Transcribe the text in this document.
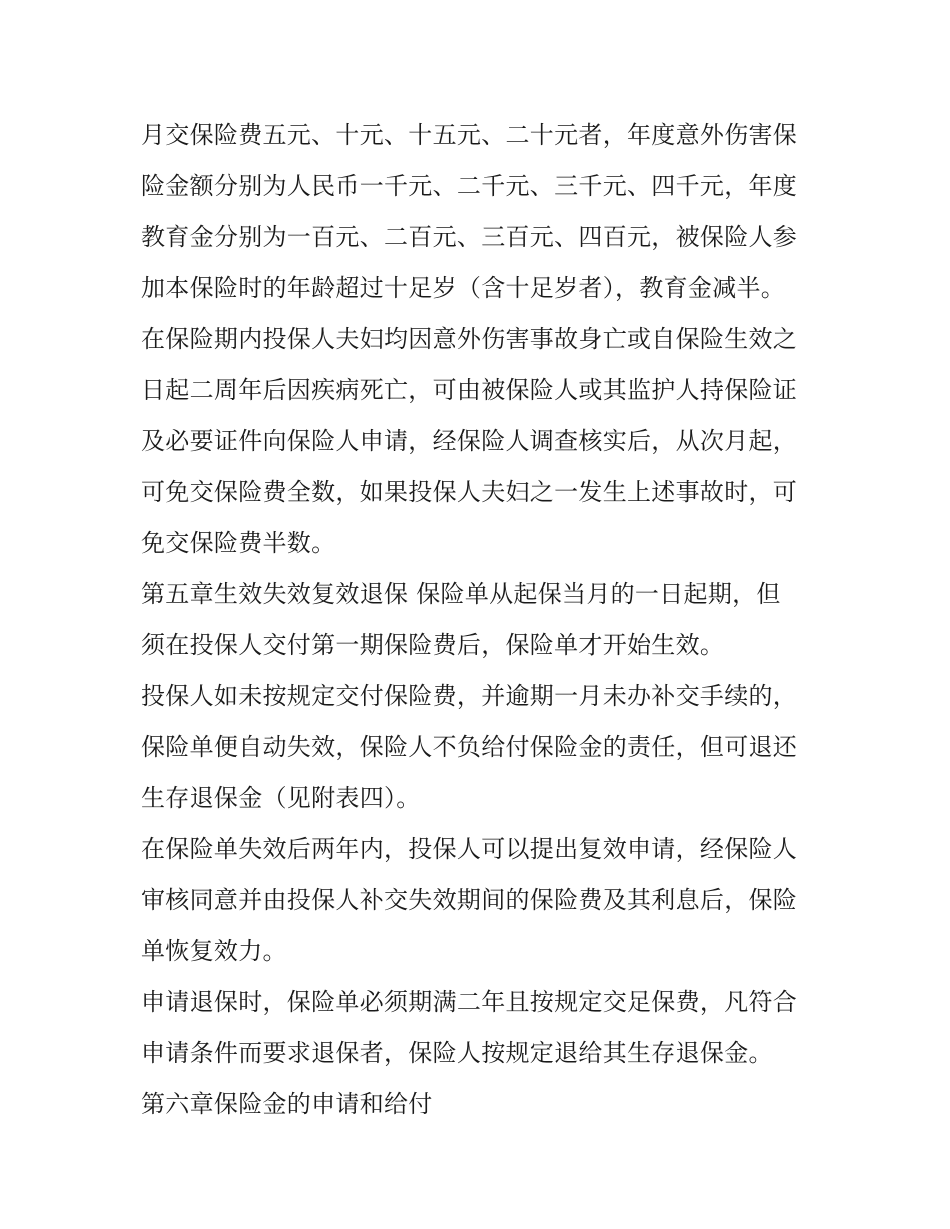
月交保险费五元、十元、十五元、二十元者，年度意外伤害保
险金额分别为人民币一千元、二千元、三千元、四千元，年度
教育金分别为一百元、二百元、三百元、四百元，被保险人参
加本保险时的年龄超过十足岁（含十足岁者），教育金减半。
在保险期内投保人夫妇均因意外伤害事故身亡或自保险生效之
日起二周年后因疾病死亡，可由被保险人或其监护人持保险证
及必要证件向保险人申请，经保险人调查核实后，从次月起，
可免交保险费全数，如果投保人夫妇之一发生上述事故时，可
免交保险费半数。
第五章生效失效复效退保 保险单从起保当月的一日起期，但
须在投保人交付第一期保险费后，保险单才开始生效。
投保人如未按规定交付保险费，并逾期一月未办补交手续的，
保险单便自动失效，保险人不负给付保险金的责任，但可退还
生存退保金（见附表四）。
在保险单失效后两年内，投保人可以提出复效申请，经保险人
审核同意并由投保人补交失效期间的保险费及其利息后，保险
单恢复效力。
申请退保时，保险单必须期满二年且按规定交足保费，凡符合
申请条件而要求退保者，保险人按规定退给其生存退保金。
第六章保险金的申请和给付
